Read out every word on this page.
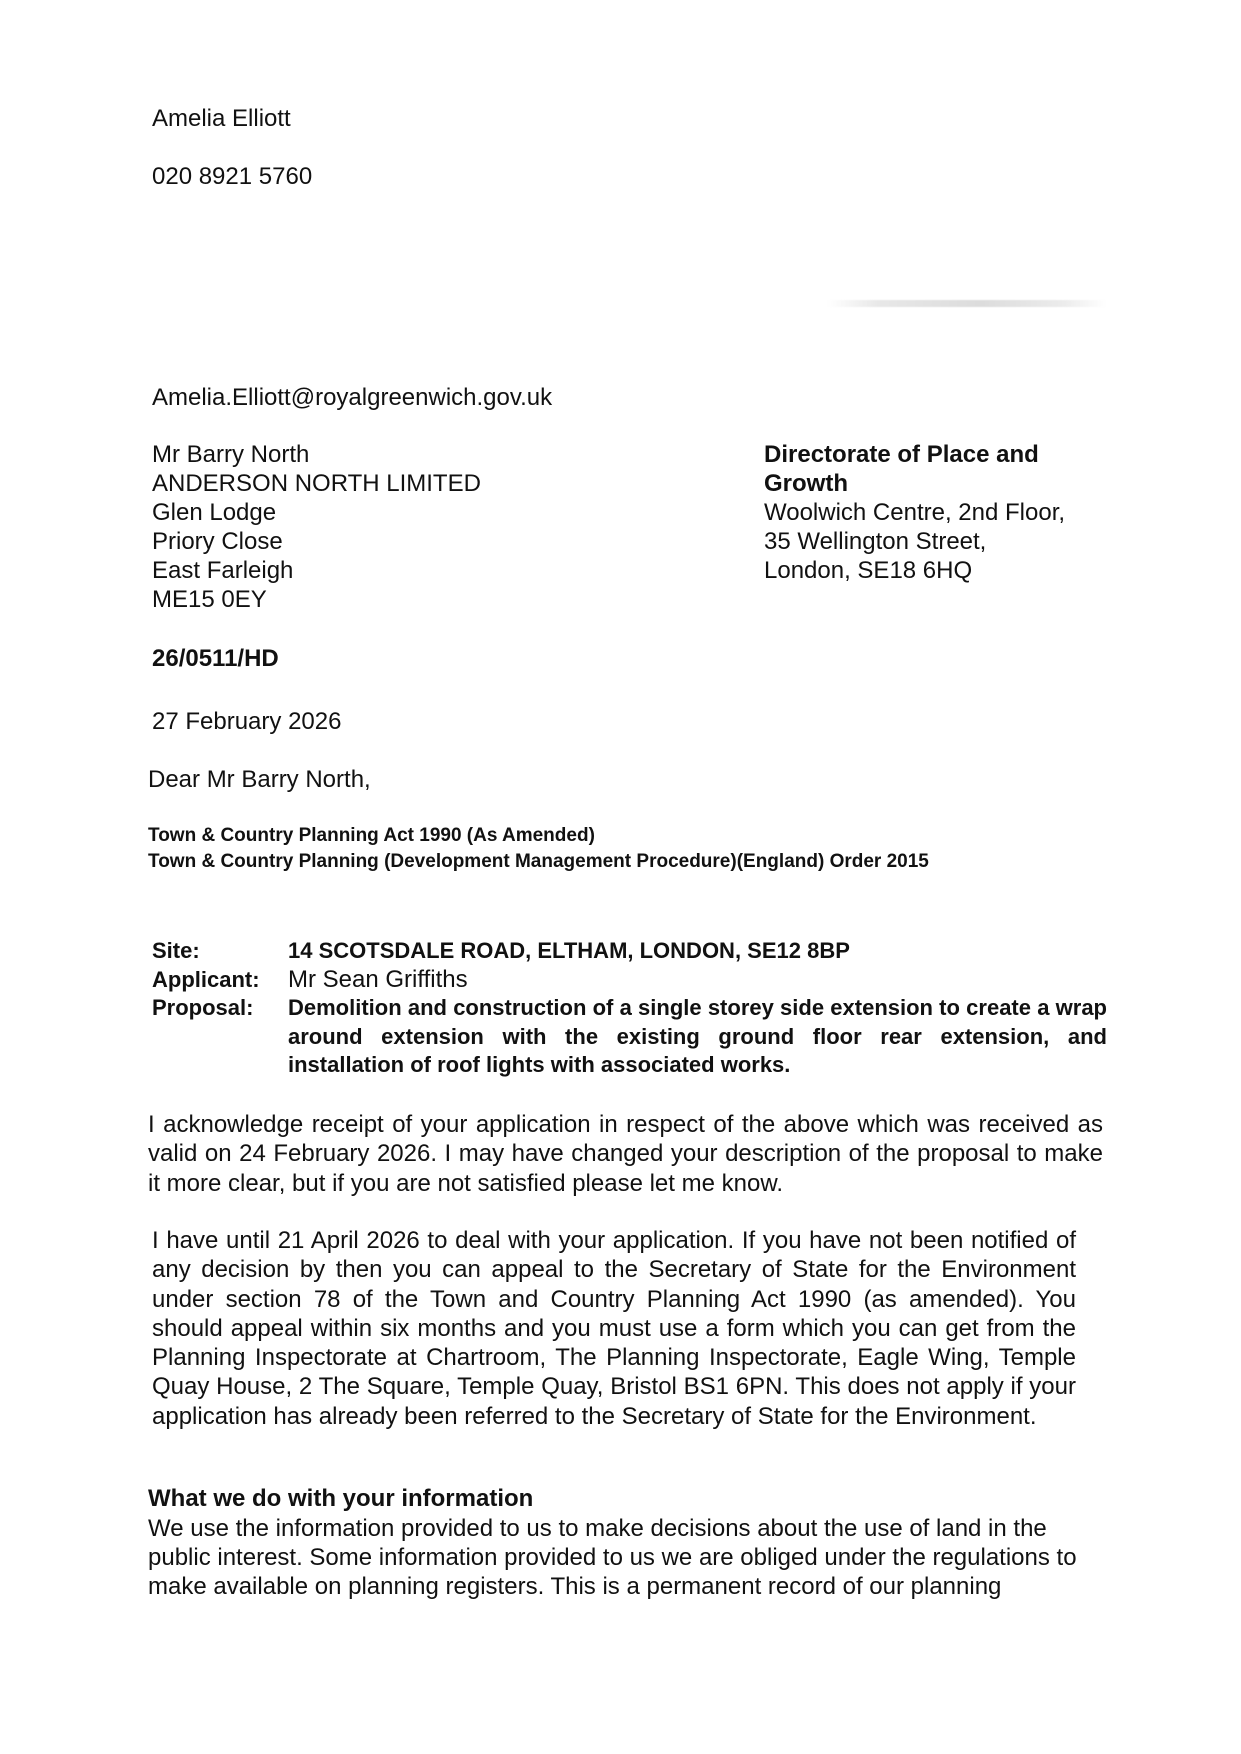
Amelia Elliott
020 8921 5760
Amelia.Elliott@royalgreenwich.gov.uk

Mr Barry North

ANDERSON NORTH LIMITED

Glen Lodge

Priory Close

East Farleigh

ME15 0EY

Directorate of Place and

Growth

Woolwich Centre, 2nd Floor,

35 Wellington Street,

London, SE18 6HQ

26/0511/HD
27 February 2026
Dear Mr Barry North,
Town & Country Planning Act 1990 (As Amended)
Town & Country Planning (Development Management Procedure)(England) Order 2015
Site:	14 SCOTSDALE ROAD, ELTHAM, LONDON, SE12 8BP
Applicant:	Mr Sean Griffiths
Proposal:	Demolition and construction of a single storey side extension to create a wrap around extension with the existing ground floor rear extension, and installation of roof lights with associated works.
I acknowledge receipt of your application in respect of the above which was received as valid on 24 February 2026. I may have changed your description of the proposal to make it more clear, but if you are not satisfied please let me know.
I have until 21 April 2026 to deal with your application. If you have not been notified of any decision by then you can appeal to the Secretary of State for the Environment under section 78 of the Town and Country Planning Act 1990 (as amended). You should appeal within six months and you must use a form which you can get from the Planning Inspectorate at Chartroom, The Planning Inspectorate, Eagle Wing, Temple Quay House, 2 The Square, Temple Quay, Bristol BS1 6PN. This does not apply if your application has already been referred to the Secretary of State for the Environment.
What we do with your information
We use the information provided to us to make decisions about the use of land in the
public interest. Some information provided to us we are obliged under the regulations to
make available on planning registers. This is a permanent record of our planning
